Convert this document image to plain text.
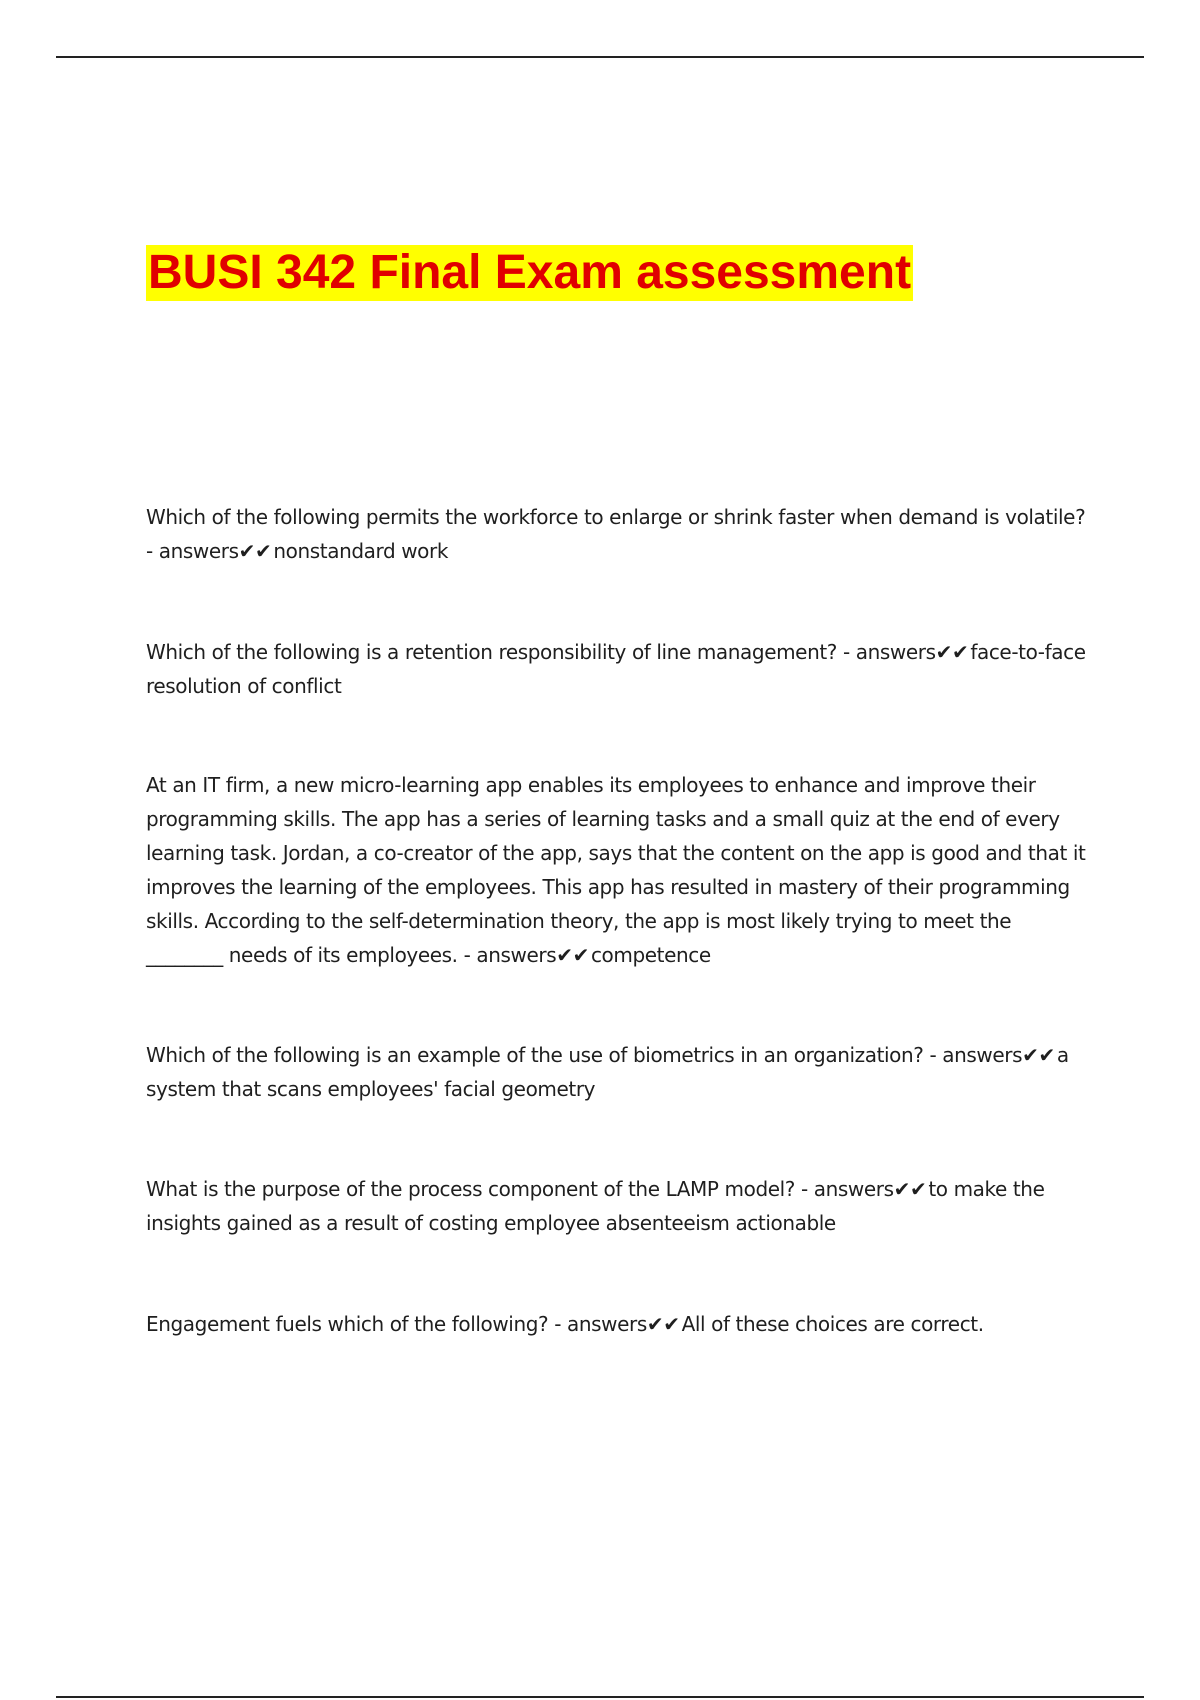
BUSI 342 Final Exam assessment

Which of the following permits the workforce to enlarge or shrink faster when demand is volatile? - answers✔✔ nonstandard work

Which of the following is a retention responsibility of line management? - answers✔✔ face-to-face resolution of conflict

At an IT firm, a new micro-learning app enables its employees to enhance and improve their programming skills. The app has a series of learning tasks and a small quiz at the end of every learning task. Jordan, a co-creator of the app, says that the content on the app is good and that it improves the learning of the employees. This app has resulted in mastery of their programming skills. According to the self-determination theory, the app is most likely trying to meet the ________ needs of its employees. - answers✔✔ competence

Which of the following is an example of the use of biometrics in an organization? - answers✔✔ a system that scans employees' facial geometry

What is the purpose of the process component of the LAMP model? - answers✔✔ to make the insights gained as a result of costing employee absenteeism actionable

Engagement fuels which of the following? - answers✔✔ All of these choices are correct.
